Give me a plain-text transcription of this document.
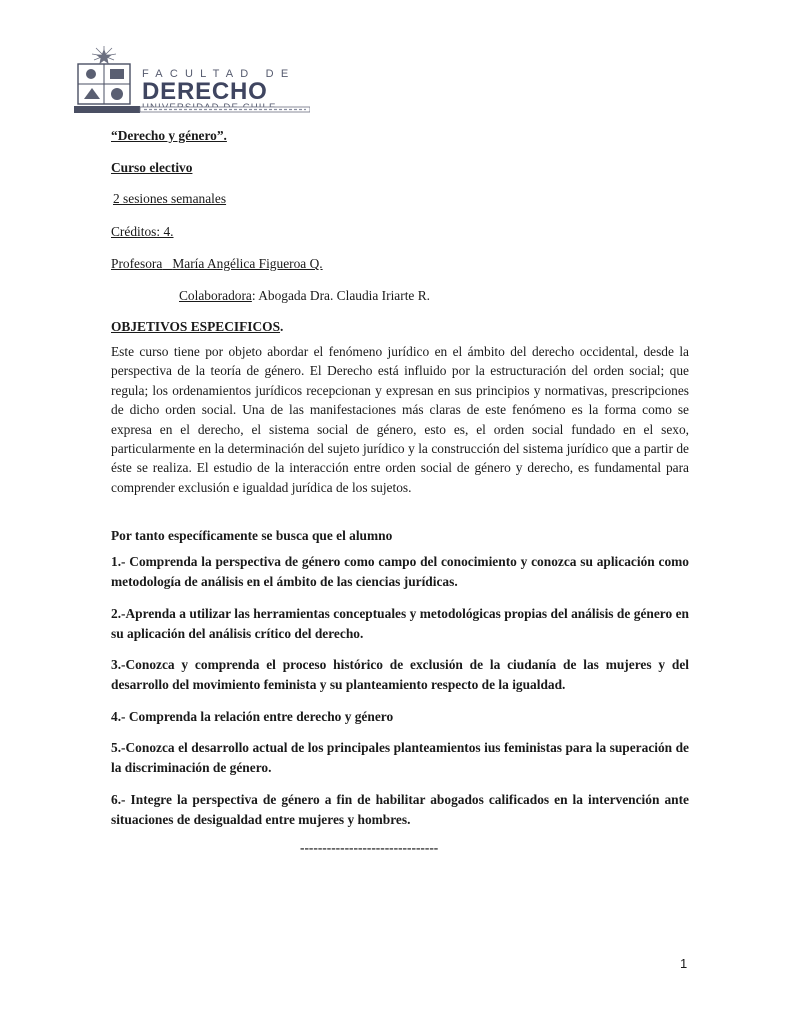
FACULTAD DE
DERECHO
“Derecho y género”.
Curso electivo
2 sesiones semanales
Créditos: 4.
Profesora María Angélica Figueroa Q.
Colaboradora: Abogada Dra. Claudia Iriarte R.
OBJETIVOS ESPECIFICOS.

Este curso tiene por objeto abordar el fenómeno jurídico en el ámbito del derecho occidental, desde la perspectiva de la teoría de género. El Derecho está influido por la estructuración del orden social; que regula; los ordenamientos jurídicos recepcionan y expresan en sus principios y normativas, prescripciones de dicho orden social. Una de las manifestaciones más claras de este fenómeno es la forma como se expresa en el derecho, el sistema social de género, esto es, el orden social fundado en el sexo, particularmente en la determinación del sujeto jurídico y la construcción del sistema jurídico que a partir de éste se realiza. El estudio de la interacción entre orden social de género y derecho, es fundamental para comprender exclusión e igualdad jurídica de los sujetos.

Por tanto específicamente se busca que el alumno

1.- Comprenda la perspectiva de género como campo del conocimiento y conozca su aplicación como metodología de análisis en el ámbito de las ciencias jurídicas.

2.-Aprenda a utilizar las herramientas conceptuales y metodológicas propias del análisis de género en su aplicación del análisis crítico del derecho.

3.-Conozca y comprenda el proceso histórico de exclusión de la ciudanía de las mujeres y del desarrollo del movimiento feminista y su planteamiento respecto de la igualdad.

4.- Comprenda la relación entre derecho y género

5.-Conozca el desarrollo actual de los principales planteamientos ius feministas para la superación de la discriminación de género.

6.- Integre la perspectiva de género a fin de habilitar abogados calificados en la intervención ante situaciones de desigualdad entre mujeres y hombres.

-------------------------------
1
